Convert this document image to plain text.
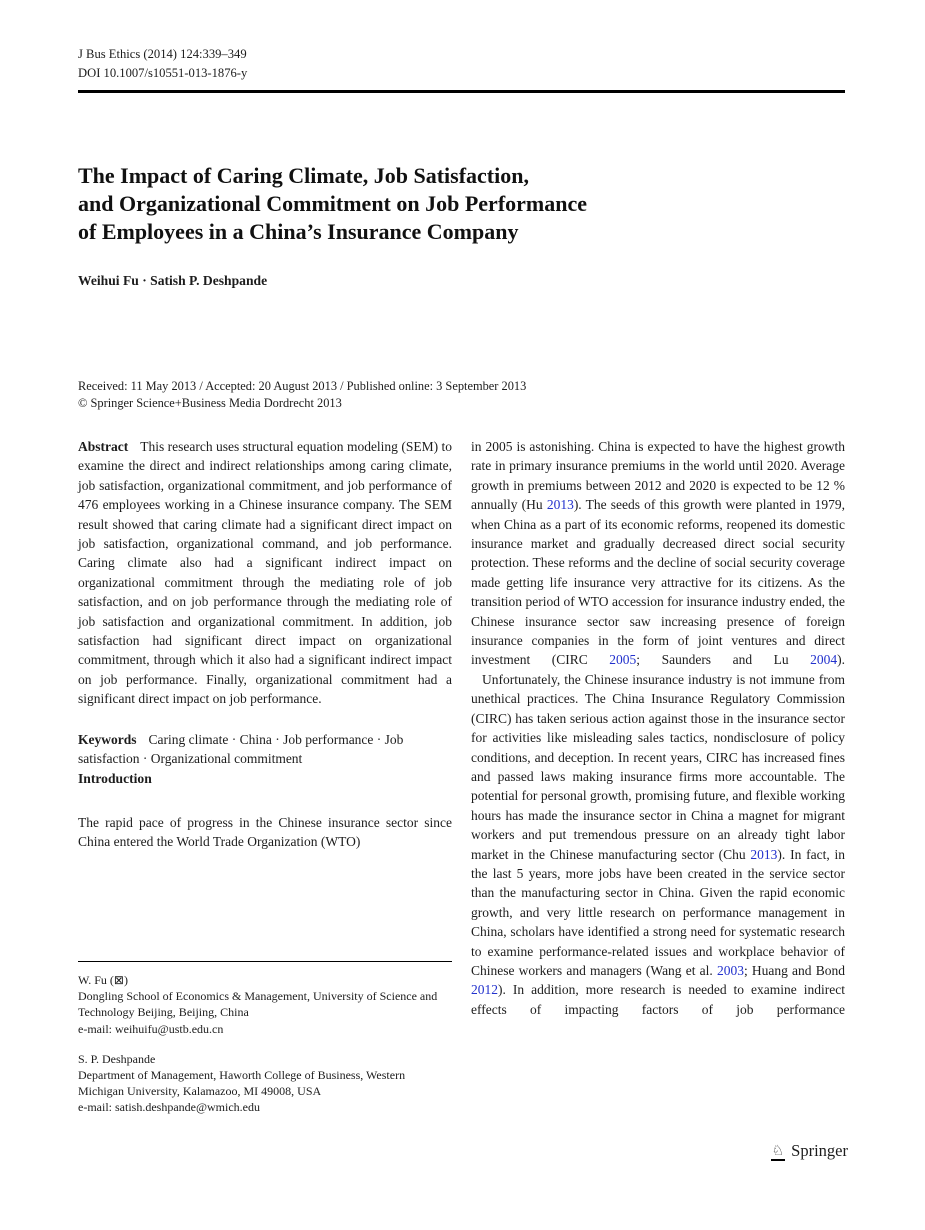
J Bus Ethics (2014) 124:339–349
DOI 10.1007/s10551-013-1876-y
The Impact of Caring Climate, Job Satisfaction,
and Organizational Commitment on Job Performance
of Employees in a China’s Insurance Company
Weihui Fu · Satish P. Deshpande
Received: 11 May 2013 / Accepted: 20 August 2013 / Published online: 3 September 2013
© Springer Science+Business Media Dordrecht 2013

Abstract This research uses structural equation modeling (SEM) to examine the direct and indirect relationships among caring climate, job satisfaction, organizational commitment, and job performance of 476 employees working in a Chinese insurance company. The SEM result showed that caring climate had a significant direct impact on job satisfaction, organizational command, and job performance. Caring climate also had a significant indirect impact on organizational commitment through the mediating role of job satisfaction, and on job performance through the mediating role of job satisfaction and organizational commitment. In addition, job satisfaction had significant direct impact on organizational commitment, through which it also had a significant indirect impact on job performance. Finally, organizational commitment had a significant direct impact on job performance.

Keywords Caring climate · China · Job performance · Job satisfaction · Organizational commitment

Introduction

The rapid pace of progress in the Chinese insurance sector since China entered the World Trade Organization (WTO)

in 2005 is astonishing. China is expected to have the highest growth rate in primary insurance premiums in the world until 2020. Average growth in premiums between 2012 and 2020 is expected to be 12 % annually (Hu 2013). The seeds of this growth were planted in 1979, when China as a part of its economic reforms, reopened its domestic insurance market and gradually decreased direct social security protection. These reforms and the decline of social security coverage made getting life insurance very attractive for its citizens. As the transition period of WTO accession for insurance industry ended, the Chinese insurance sector saw increasing presence of foreign insurance companies in the form of joint ventures and direct investment (CIRC 2005; Saunders and Lu 2004).

Unfortunately, the Chinese insurance industry is not immune from unethical practices. The China Insurance Regulatory Commission (CIRC) has taken serious action against those in the insurance sector for activities like misleading sales tactics, nondisclosure of policy conditions, and deception. In recent years, CIRC has increased fines and passed laws making insurance firms more accountable. The potential for personal growth, promising future, and flexible working hours has made the insurance sector in China a magnet for migrant workers and put tremendous pressure on an already tight labor market in the Chinese manufacturing sector (Chu 2013). In fact, in the last 5 years, more jobs have been created in the service sector than the manufacturing sector in China. Given the rapid economic growth, and very little research on performance management in China, scholars have identified a strong need for systematic research to examine performance-related issues and workplace behavior of Chinese workers and managers (Wang et al. 2003; Huang and Bond 2012). In addition, more research is needed to examine indirect effects of impacting factors of job performance

W. Fu (⊠)
Dongling School of Economics & Management, University of Science and Technology Beijing, Beijing, China
e-mail: weihuifu@ustb.edu.cn
S. P. Deshpande
Department of Management, Haworth College of Business, Western Michigan University, Kalamazoo, MI 49008, USA
e-mail: satish.deshpande@wmich.edu
♘ Springer
